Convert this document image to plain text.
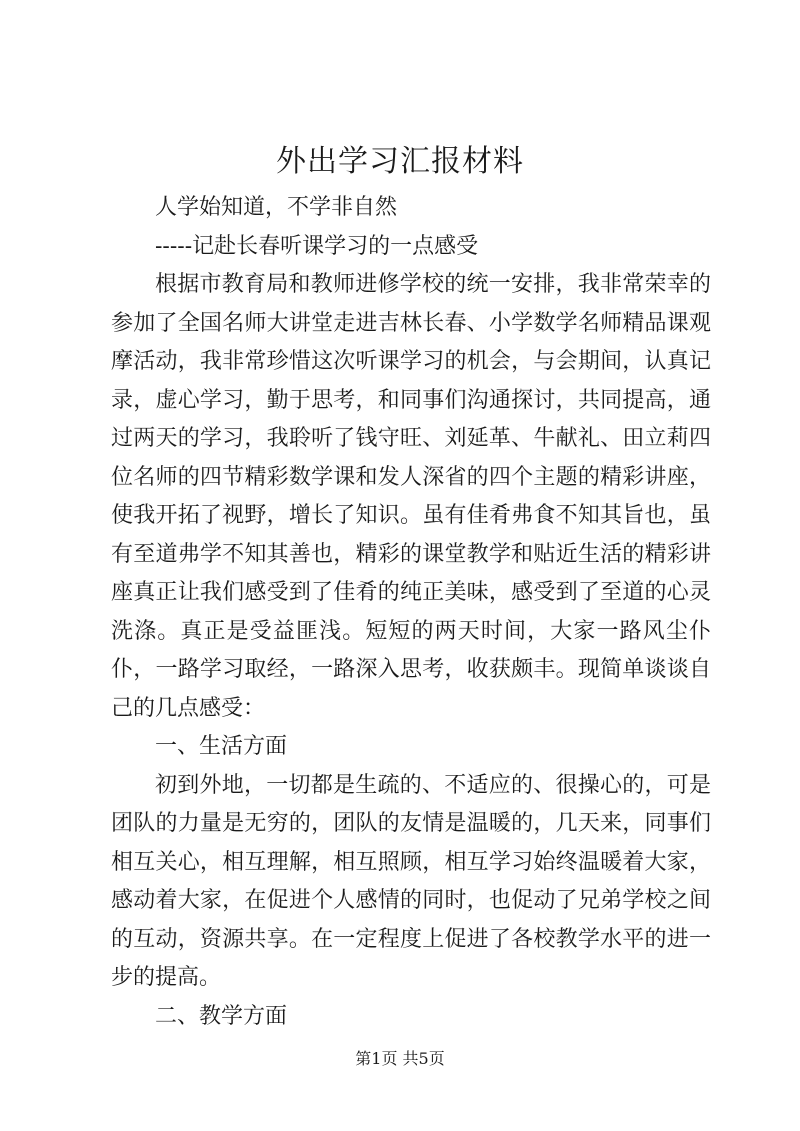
外出学习汇报材料

人学始知道，不学非自然

-----记赴长春听课学习的一点感受

根据市教育局和教师进修学校的统一安排，我非常荣幸的参加了全国名师大讲堂走进吉林长春、小学数学名师精品课观摩活动，我非常珍惜这次听课学习的机会，与会期间，认真记录，虚心学习，勤于思考，和同事们沟通探讨，共同提高，通过两天的学习，我聆听了钱守旺、刘延革、牛献礼、田立莉四位名师的四节精彩数学课和发人深省的四个主题的精彩讲座，使我开拓了视野，增长了知识。虽有佳肴弗食不知其旨也，虽有至道弗学不知其善也，精彩的课堂教学和贴近生活的精彩讲座真正让我们感受到了佳肴的纯正美味，感受到了至道的心灵洗涤。真正是受益匪浅。短短的两天时间，大家一路风尘仆仆，一路学习取经，一路深入思考，收获颇丰。现简单谈谈自己的几点感受：

一、生活方面

初到外地，一切都是生疏的、不适应的、很操心的，可是团队的力量是无穷的，团队的友情是温暖的，几天来，同事们相互关心，相互理解，相互照顾，相互学习始终温暖着大家，感动着大家，在促进个人感情的同时，也促动了兄弟学校之间的互动，资源共享。在一定程度上促进了各校教学水平的进一步的提高。

二、教学方面

第1页 共5页
